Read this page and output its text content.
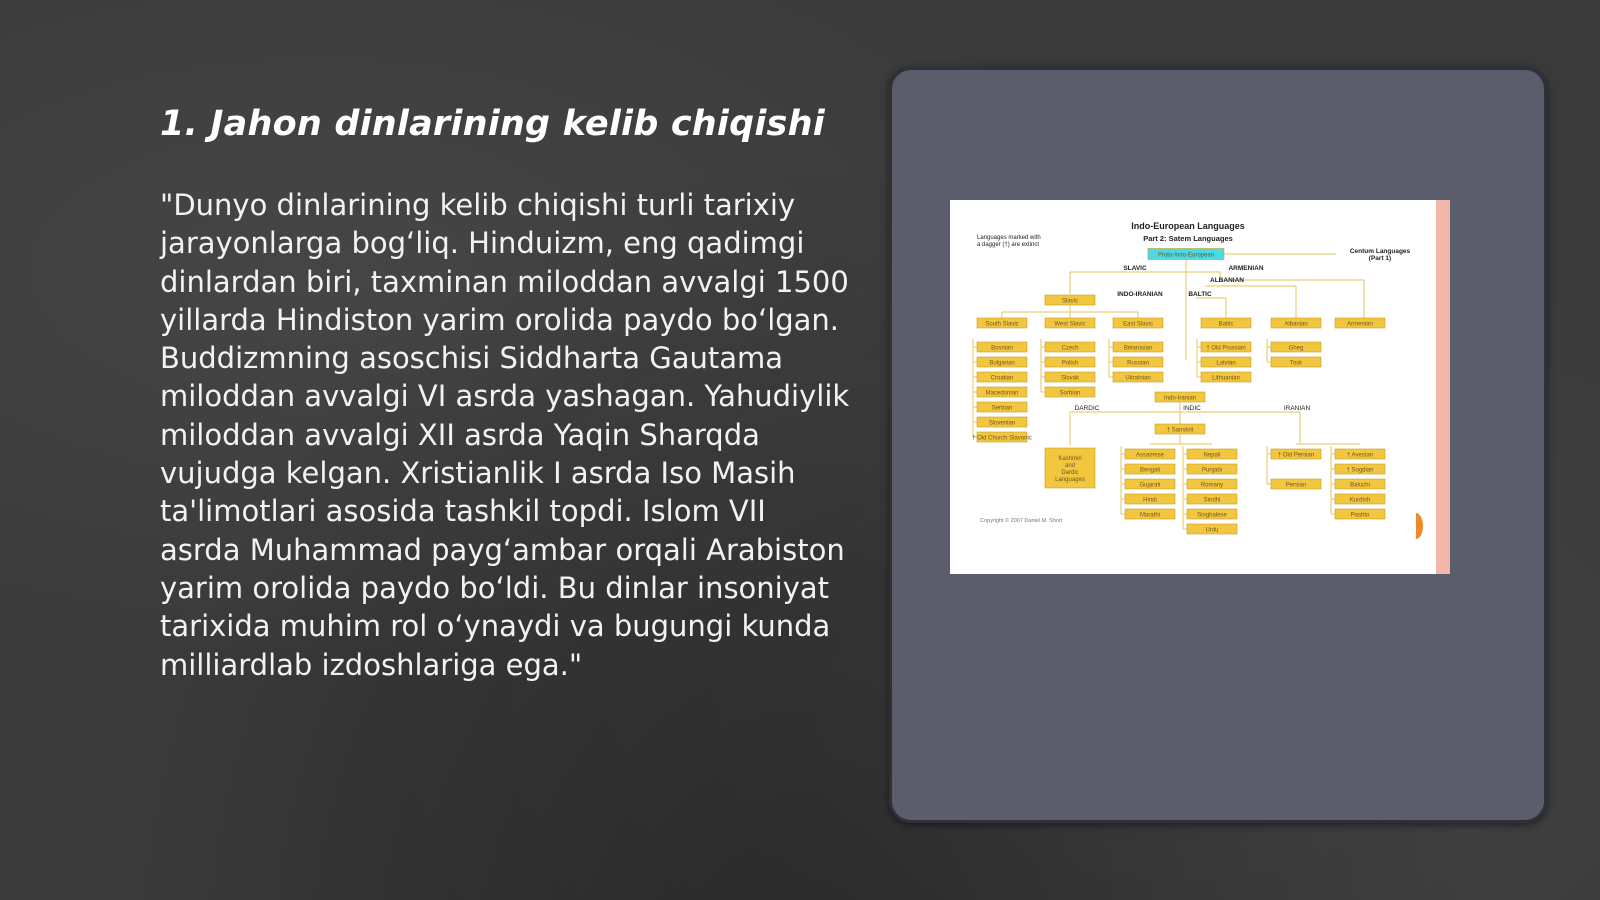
1. Jahon dinlarining kelib chiqishi
"Dunyo dinlarining kelib chiqishi turli tarixiy jarayonlarga bog‘liq. Hinduizm, eng qadimgi dinlardan biri, taxminan miloddan avvalgi 1500 yillarda Hindiston yarim orolida paydo bo‘lgan. Buddizmning asoschisi Siddharta Gautama miloddan avvalgi VI asrda yashagan. Yahudiylik miloddan avvalgi XII asrda Yaqin Sharqda vujudga kelgan. Xristianlik I asrda Iso Masih ta'limotlari asosida tashkil topdi. Islom VII asrda Muhammad payg‘ambar orqali Arabiston yarim orolida paydo bo‘ldi. Bu dinlar insoniyat tarixida muhim rol o‘ynaydi va bugungi kunda milliardlab izdoshlariga ega."
Indo-European Languages
Part 2: Satem Languages
Languages marked with
a dagger (†) are extinct
Copyright © 2007 Daniel M. Short
Proto-Indo-European
Centum Languages
(Part 1)
SLAVIC	ARMENIAN
ALBANIAN
INDO-IRANIAN	BALTIC
Slavic
South Slavic	West Slavic	East Slavic	Baltic	Albanian	Armenian
Bosnian
Bulgarian
Croatian
Macedonian
Serbian
Slovenian
† Old Church Slavonic
Czech
Polish
Slovak
Sorbian
Belarusian
Russian
Ukrainian
† Old Prussian
Latvian
Lithuanian
Gheg
Tosk
Indo-Iranian
DARDIC	INDIC	IRANIAN
Kashmiri
and
Dardic
Languages
† Sanskrit
Assamese
Bengali
Gujarati
Hindi
Marathi
Nepali
Punjabi
Romany
Sindhi
Singhalese
Urdu
† Old Persian
Persian
† Avestan
† Sogdian
Baluchi
Kurdish
Pashto
